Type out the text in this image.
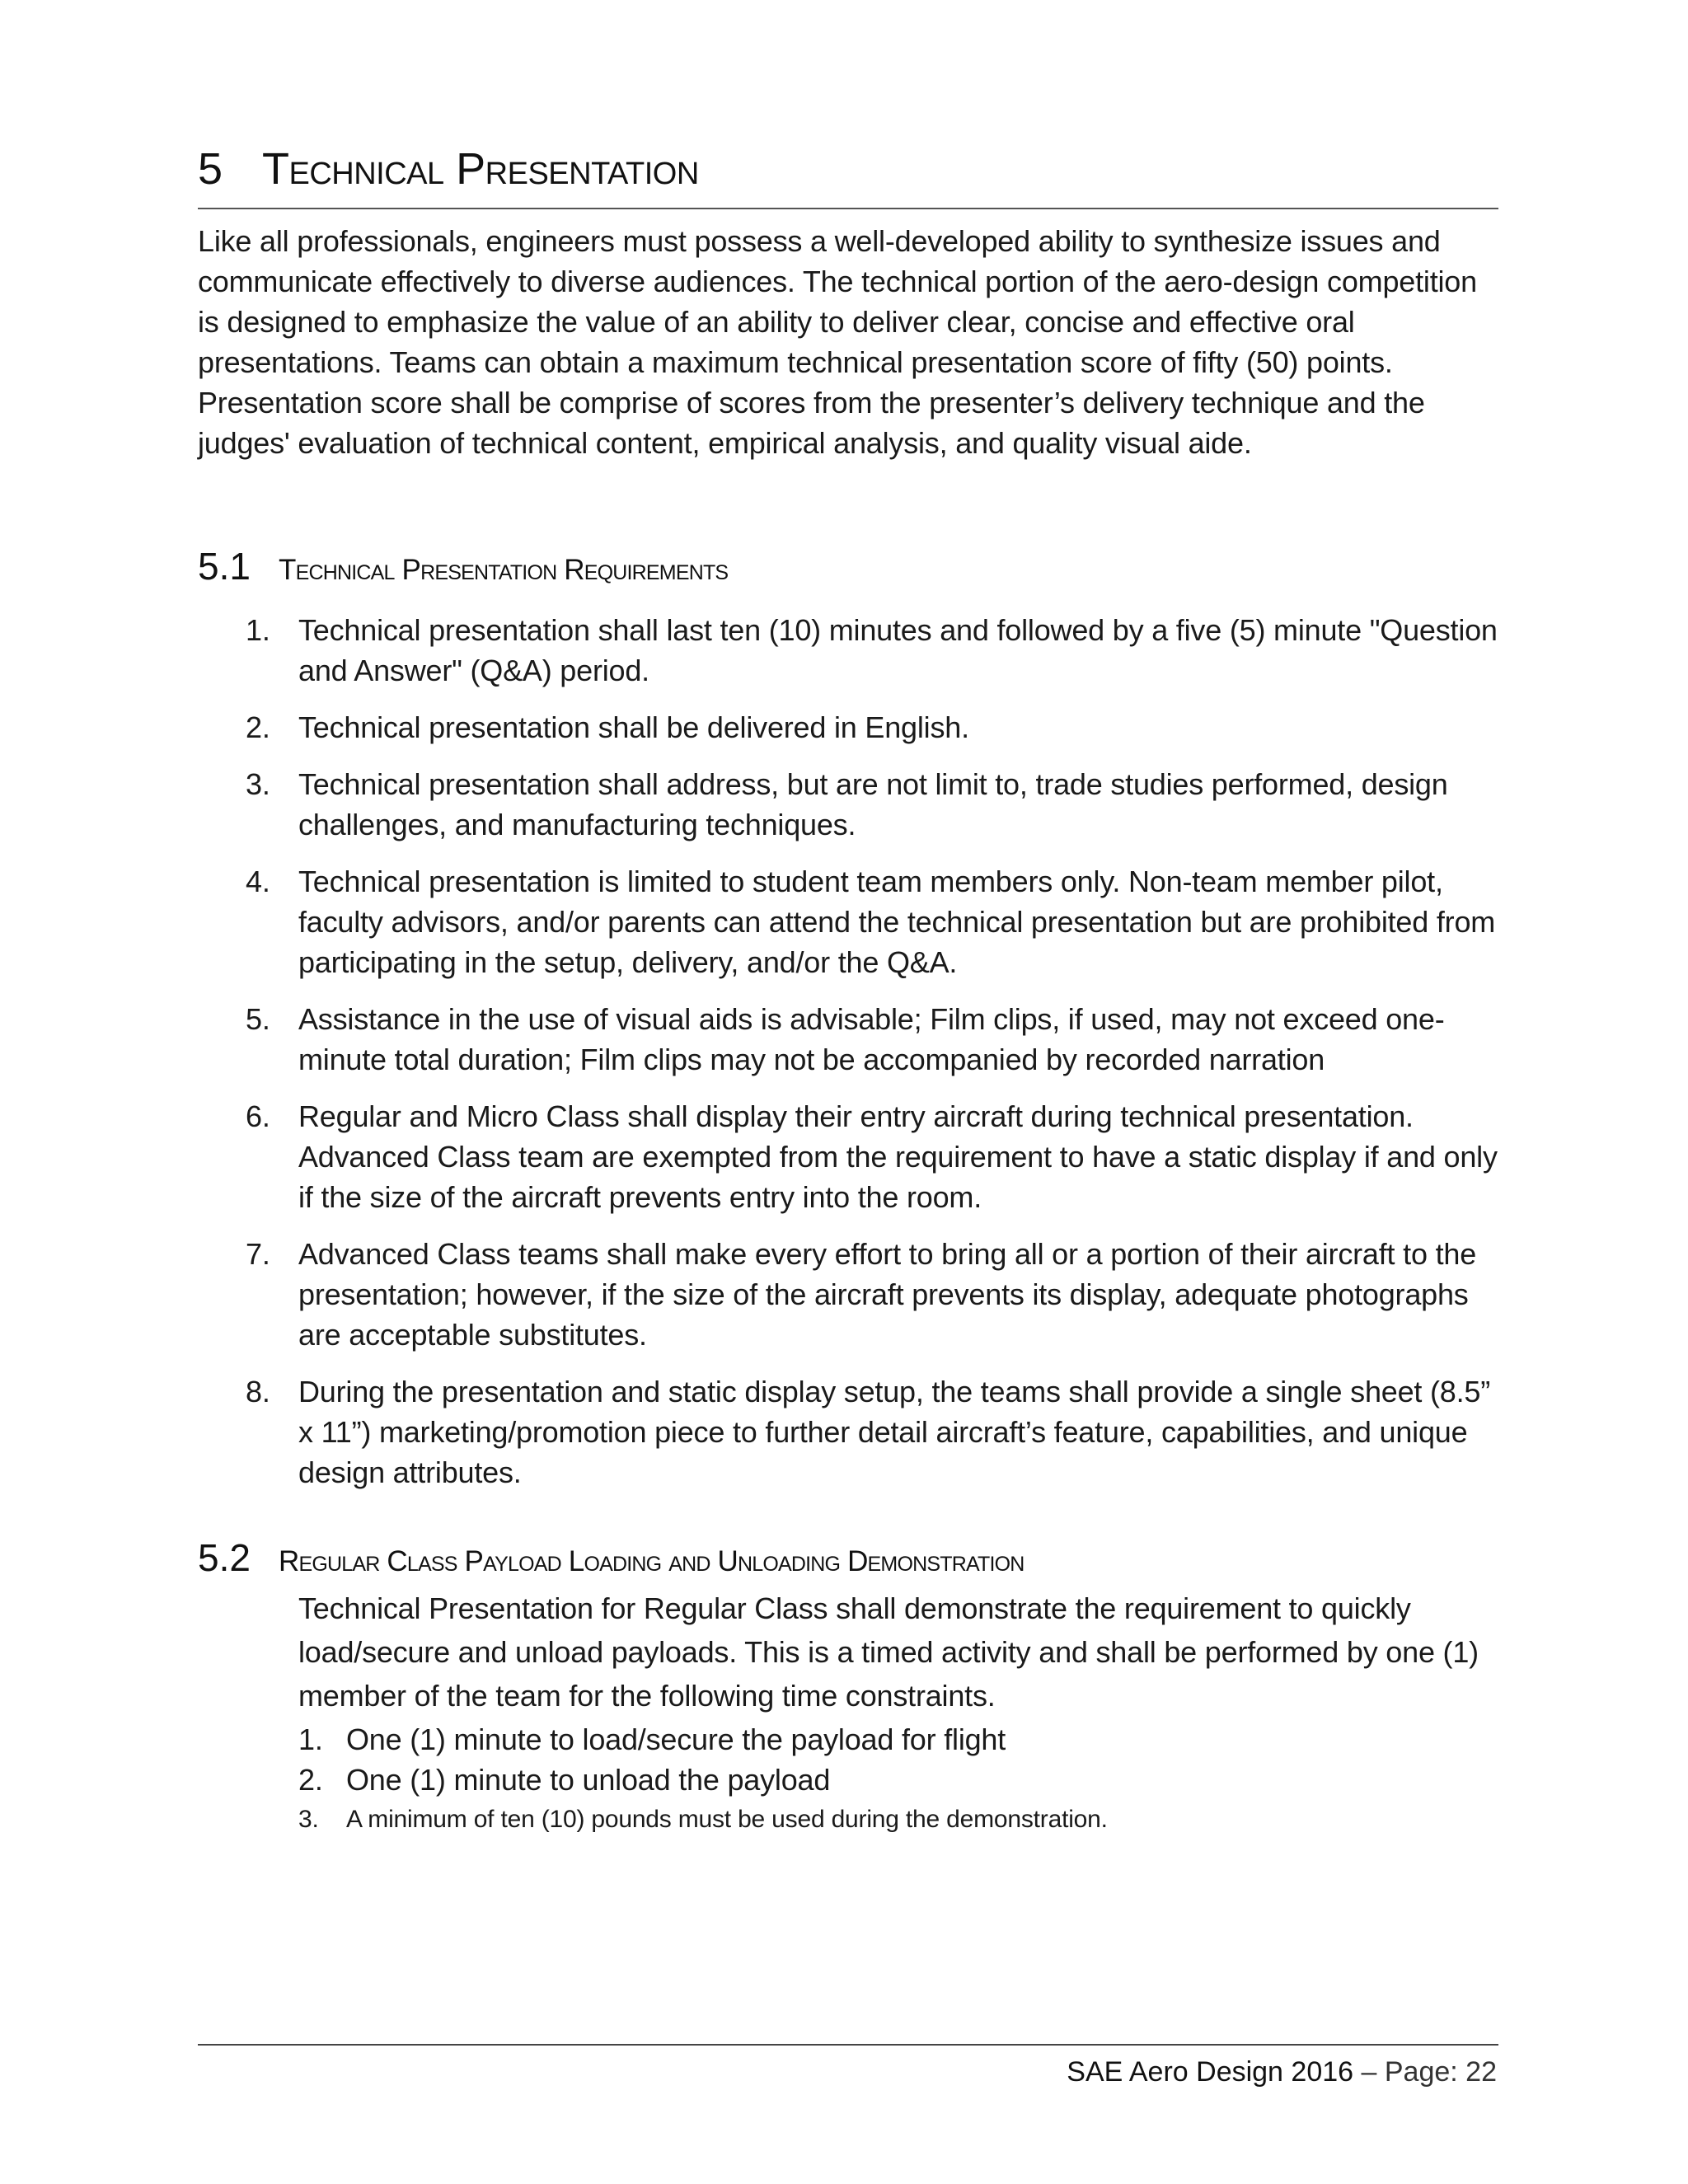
5 Technical Presentation

Like all professionals, engineers must possess a well-developed ability to synthesize issues and communicate effectively to diverse audiences. The technical portion of the aero-design competition is designed to emphasize the value of an ability to deliver clear, concise and effective oral presentations. Teams can obtain a maximum technical presentation score of fifty (50) points. Presentation score shall be comprise of scores from the presenter’s delivery technique and the judges' evaluation of technical content, empirical analysis, and quality visual aide.

5.1 Technical Presentation Requirements
1. Technical presentation shall last ten (10) minutes and followed by a five (5) minute "Question and Answer" (Q&A) period.
2. Technical presentation shall be delivered in English.
3. Technical presentation shall address, but are not limit to, trade studies performed, design challenges, and manufacturing techniques.
4. Technical presentation is limited to student team members only. Non-team member pilot, faculty advisors, and/or parents can attend the technical presentation but are prohibited from participating in the setup, delivery, and/or the Q&A.
5. Assistance in the use of visual aids is advisable; Film clips, if used, may not exceed one-minute total duration; Film clips may not be accompanied by recorded narration
6. Regular and Micro Class shall display their entry aircraft during technical presentation. Advanced Class team are exempted from the requirement to have a static display if and only if the size of the aircraft prevents entry into the room.
7. Advanced Class teams shall make every effort to bring all or a portion of their aircraft to the presentation; however, if the size of the aircraft prevents its display, adequate photographs are acceptable substitutes.
8. During the presentation and static display setup, the teams shall provide a single sheet (8.5” x 11”) marketing/promotion piece to further detail aircraft’s feature, capabilities, and unique design attributes.
5.2 Regular Class Payload Loading and Unloading Demonstration

Technical Presentation for Regular Class shall demonstrate the requirement to quickly load/secure and unload payloads. This is a timed activity and shall be performed by one (1) member of the team for the following time constraints.

1. One (1) minute to load/secure the payload for flight
2. One (1) minute to unload the payload
3. A minimum of ten (10) pounds must be used during the demonstration.
SAE Aero Design 2016 – Page: 22
